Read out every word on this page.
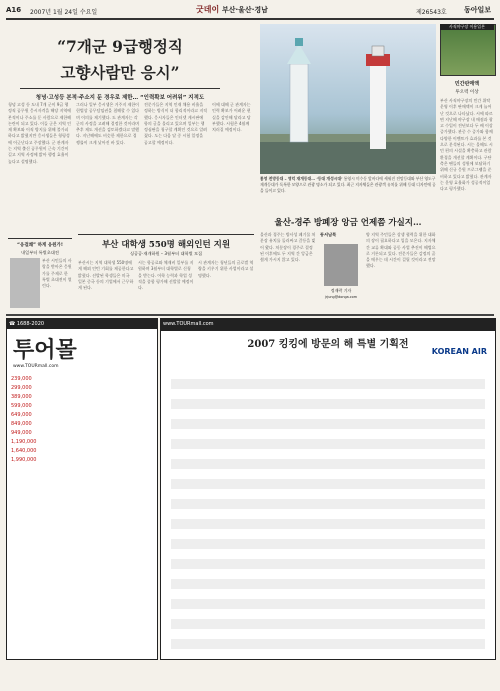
A16 2007년 1월 24일 수요일	굿데이 부산·울산·경남	제26543호 동아일보
“7개군 9급행정직
고향사람만 응시”
청녕·고성등 본적·주소지 둔 경우로 제한… “인력확보 어려워” 지적도
청녕 고성 등 도내 7개 군이 9급 행정직 공무원 응시자격을 해당 지역에 본적이나 주소를 둔 사람으로 제한해 논란이 되고 있다. 이들 군은 지역 인재 확보와 이직 방지를 위해 불가피하다고 밝혔지만 응시생들은 형평성에 어긋난다고 주장했다. 군 관계자는 지역 출신 공무원이 근속 기간이 길고 지역 사정에 밝아 행정 효율이 높다고 설명했다.
그러나 일부 응시생은 거주지 제한이 헌법상 공무담임권을 침해할 수 있다며 이의를 제기했다. 도 관계자는 각 군의 사정을 고려해 결정한 것이라며 추후 제도 개선을 검토하겠다고 말했다. 지난해에도 비슷한 제한으로 경쟁률이 크게 낮아진 바 있다.
전문가들은 지역 인재 채용 비율을 정하는 방식이 더 합리적이라고 지적했다. 응시자들은 인터넷 게시판에 항의 글을 올리고 있으며 일부는 행정심판을 청구할 계획인 것으로 알려졌다. 도는 다음 달 중 시험 일정을 공고할 예정이다.
이에 대해 군 관계자는 인력 확보가 어려운 현실을 감안해 달라고 당부했다. 시험은 4월께 치러질 예정이다.
“응걸쾌” 하게 응원가!
내일부터 특별초대전
부산 시민들의 사랑을 받아온 응원가를 주제로 한 특별 초대전이 열린다.
통영 전망등대 – 영덕 재개등대… ‘등대 개성시대’ 통영시 미수동 앞바다에 세워진 전망등대와 부산 영도구 재개등대가 독특한 모양으로 관광 명소가 되고 있다. 최근 지자체들은 관광객 유치를 위해 등대 디자인에 공을 들이고 있다.
사직야구장 이용입본
민간판매액
투오력 이상
부산 사직야구장의 민간 위탁 운영 이후 판매액이 크게 늘어난 것으로 나타났다. 시에 따르면 지난해 야구장 내 매점과 광고 수입이 전년보다 두 배 이상 증가했다. 관중 수 증가와 함께 다양한 이벤트가 효과를 본 것으로 분석된다. 시는 올해도 시민 편의 시설을 확충하고 관람 환경을 개선할 계획이다. 구단 측은 팬들의 성원에 보답하기 위해 신규 응원 프로그램을 준비하고 있다고 밝혔다. 관계자는 운영 효율화가 성공적이었다고 평가했다.
부산 대학생 550명 해외인턴 지원
싱공공·재개하원 – 3월부터 대학별 모집
부산시는 지역 대학생 550명에게 해외 인턴 기회를 제공한다고 밝혔다. 선발된 학생들은 미국 일본 중국 등의 기업에서 근무하게 된다.
시는 항공료와 체재비 일부를 지원하며 3월부터 대학별로 신청을 받는다. 어학 능력과 학업 성적을 종합 평가해 선발할 예정이다.
시 관계자는 청년들의 글로벌 역량을 키우기 위한 사업이라고 설명했다.
울산-경주 방폐장 앙금 언제쯤 가실지…
울산과 경주는 방사성 폐기물 처분장 유치를 둘러싸고 갈등을 빚어 왔다. 처분장이 경주로 결정된 이후에도 두 지역 간 앙금은 쉽게 가시지 않고 있다.
동서남북
정재락 기자
jrjung@donga.com
양 지역 주민들은 상생 협력을 위한 대화의 장이 필요하다고 입을 모은다. 지자체 간 교류 확대와 공동 사업 추진이 해법으로 거론되고 있다. 전문가들은 감정의 골을 메우는 데 시간이 걸릴 것이라고 전망했다.
☎ 1688-2020
투어몰
www.TOURmall.com
239,000
299,000
389,000
599,000
649,000
849,000
949,000
1,190,000
1,640,000
1,990,000
www.TOURmall.com
2007 킹킹에 방문의 해 특별 기획전
KOREAN AIR
